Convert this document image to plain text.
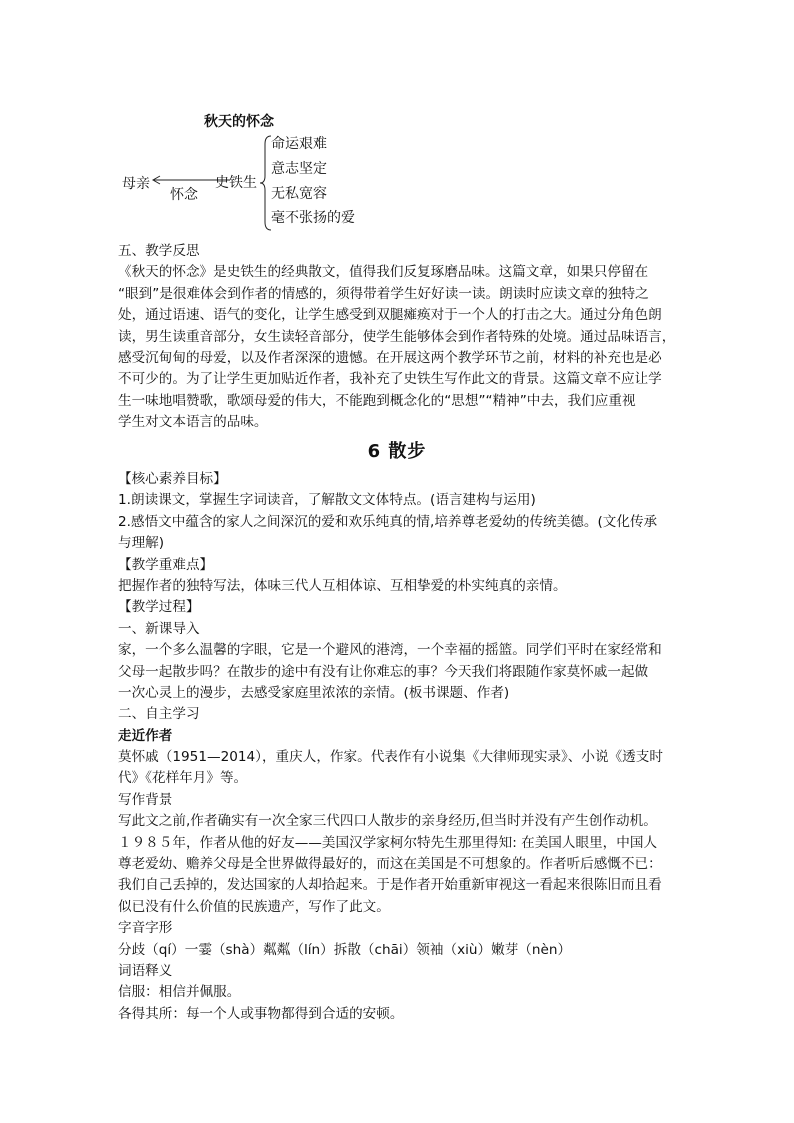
秋天的怀念
母亲
怀念
史铁生
命运艰难
意志坚定
无私宽容
毫不张扬的爱
五、教学反思
《秋天的怀念》是史铁生的经典散文，值得我们反复琢磨品味。这篇文章，如果只停留在
“眼到”是很难体会到作者的情感的，须得带着学生好好读一读。朗读时应读文章的独特之
处，通过语速、语气的变化，让学生感受到双腿瘫痪对于一个人的打击之大。通过分角色朗
读，男生读重音部分，女生读轻音部分，使学生能够体会到作者特殊的处境。通过品味语言，
感受沉甸甸的母爱，以及作者深深的遗憾。在开展这两个教学环节之前，材料的补充也是必
不可少的。为了让学生更加贴近作者，我补充了史铁生写作此文的背景。这篇文章不应让学
生一味地唱赞歌，歌颂母爱的伟大，不能跑到概念化的“思想”“精神”中去，我们应重视
学生对文本语言的品味。
6 散步
【核心素养目标】
1.朗读课文，掌握生字词读音，了解散文文体特点。(语言建构与运用)
2.感悟文中蕴含的家人之间深沉的爱和欢乐纯真的情,培养尊老爱幼的传统美德。(文化传承
与理解)
【教学重难点】
把握作者的独特写法，体味三代人互相体谅、互相挚爱的朴实纯真的亲情。
【教学过程】
一、新课导入
家，一个多么温馨的字眼，它是一个避风的港湾，一个幸福的摇篮。同学们平时在家经常和
父母一起散步吗？在散步的途中有没有让你难忘的事？今天我们将跟随作家莫怀戚一起做
一次心灵上的漫步，去感受家庭里浓浓的亲情。(板书课题、作者)
二、自主学习
走近作者
莫怀戚（1951—2014），重庆人，作家。代表作有小说集《大律师现实录》、小说《透支时
代》《花样年月》等。
写作背景
写此文之前,作者确实有一次全家三代四口人散步的亲身经历,但当时并没有产生创作动机。
１９８５年，作者从他的好友——美国汉学家柯尔特先生那里得知: 在美国人眼里，中国人
尊老爱幼、赡养父母是全世界做得最好的，而这在美国是不可想象的。作者听后感慨不已：
我们自己丢掉的，发达国家的人却拾起来。于是作者开始重新审视这一看起来很陈旧而且看
似已没有什么价值的民族遗产，写作了此文。
字音字形
分歧（qí）一霎（shà）粼粼（lín）拆散（chāi）领袖（xiù）嫩芽（nèn）
词语释义
信服：相信并佩服。
各得其所：每一个人或事物都得到合适的安顿。
